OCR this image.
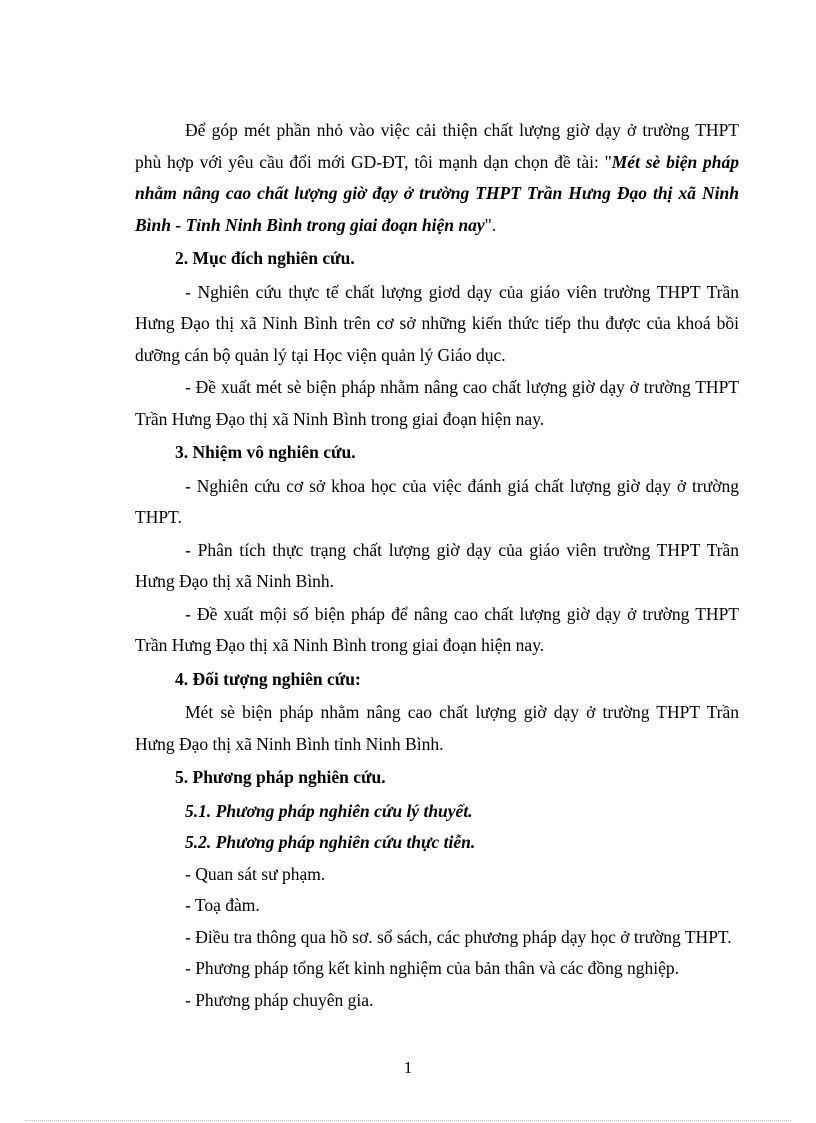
Để góp mét phần nhỏ vào việc cải thiện chất lượng giờ dạy ở trường THPT phù hợp với yêu cầu đổi mới GD-ĐT, tôi mạnh dạn chọn đề tài: "Mét sè biện pháp nhằm nâng cao chất lượng giờ đạy ở trường THPT Trần Hưng Đạo thị xã Ninh Bình - Tỉnh Ninh Bình trong giai đoạn hiện nay".

2. Mục đích nghiên cứu.

- Nghiên cứu thực tế chất lượng giơd dạy của giáo viên trường THPT Trần Hưng Đạo thị xã Ninh Bình trên cơ sở những kiến thức tiếp thu được của khoá bồi dưỡng cán bộ quản lý tại Học viện quản lý Giáo dục.

- Đề xuất mét sè biện pháp nhằm nâng cao chất lượng giờ dạy ở trường THPT Trần Hưng Đạo thị xã Ninh Bình trong giai đoạn hiện nay.

3. Nhiệm vô nghiên cứu.

- Nghiên cứu cơ sở khoa học của việc đánh giá chất lượng giờ dạy ở trường THPT.

- Phân tích thực trạng chất lượng giờ dạy của giáo viên trường THPT Trần Hưng Đạo thị xã Ninh Bình.

- Đề xuất mội số biện pháp để nâng cao chất lượng giờ dạy ở trường THPT Trần Hưng Đạo thị xã Ninh Bình trong giai đoạn hiện nay.

4. Đối tượng nghiên cứu:

Mét sè biện pháp nhằm nâng cao chất lượng giờ dạy ở trường THPT Trần Hưng Đạo thị xã Ninh Bình tỉnh Ninh Bình.

5. Phương pháp nghiên cứu.

5.1. Phương pháp nghiên cứu lý thuyết.

5.2. Phương pháp nghiên cứu thực tiễn.

- Quan sát sư phạm.

- Toạ đàm.

- Điều tra thông qua hồ sơ. sổ sách, các phương pháp dạy học ở trường THPT.

- Phương pháp tổng kết kinh nghiệm của bản thân và các đồng nghiệp.

- Phương pháp chuyên gia.

1
